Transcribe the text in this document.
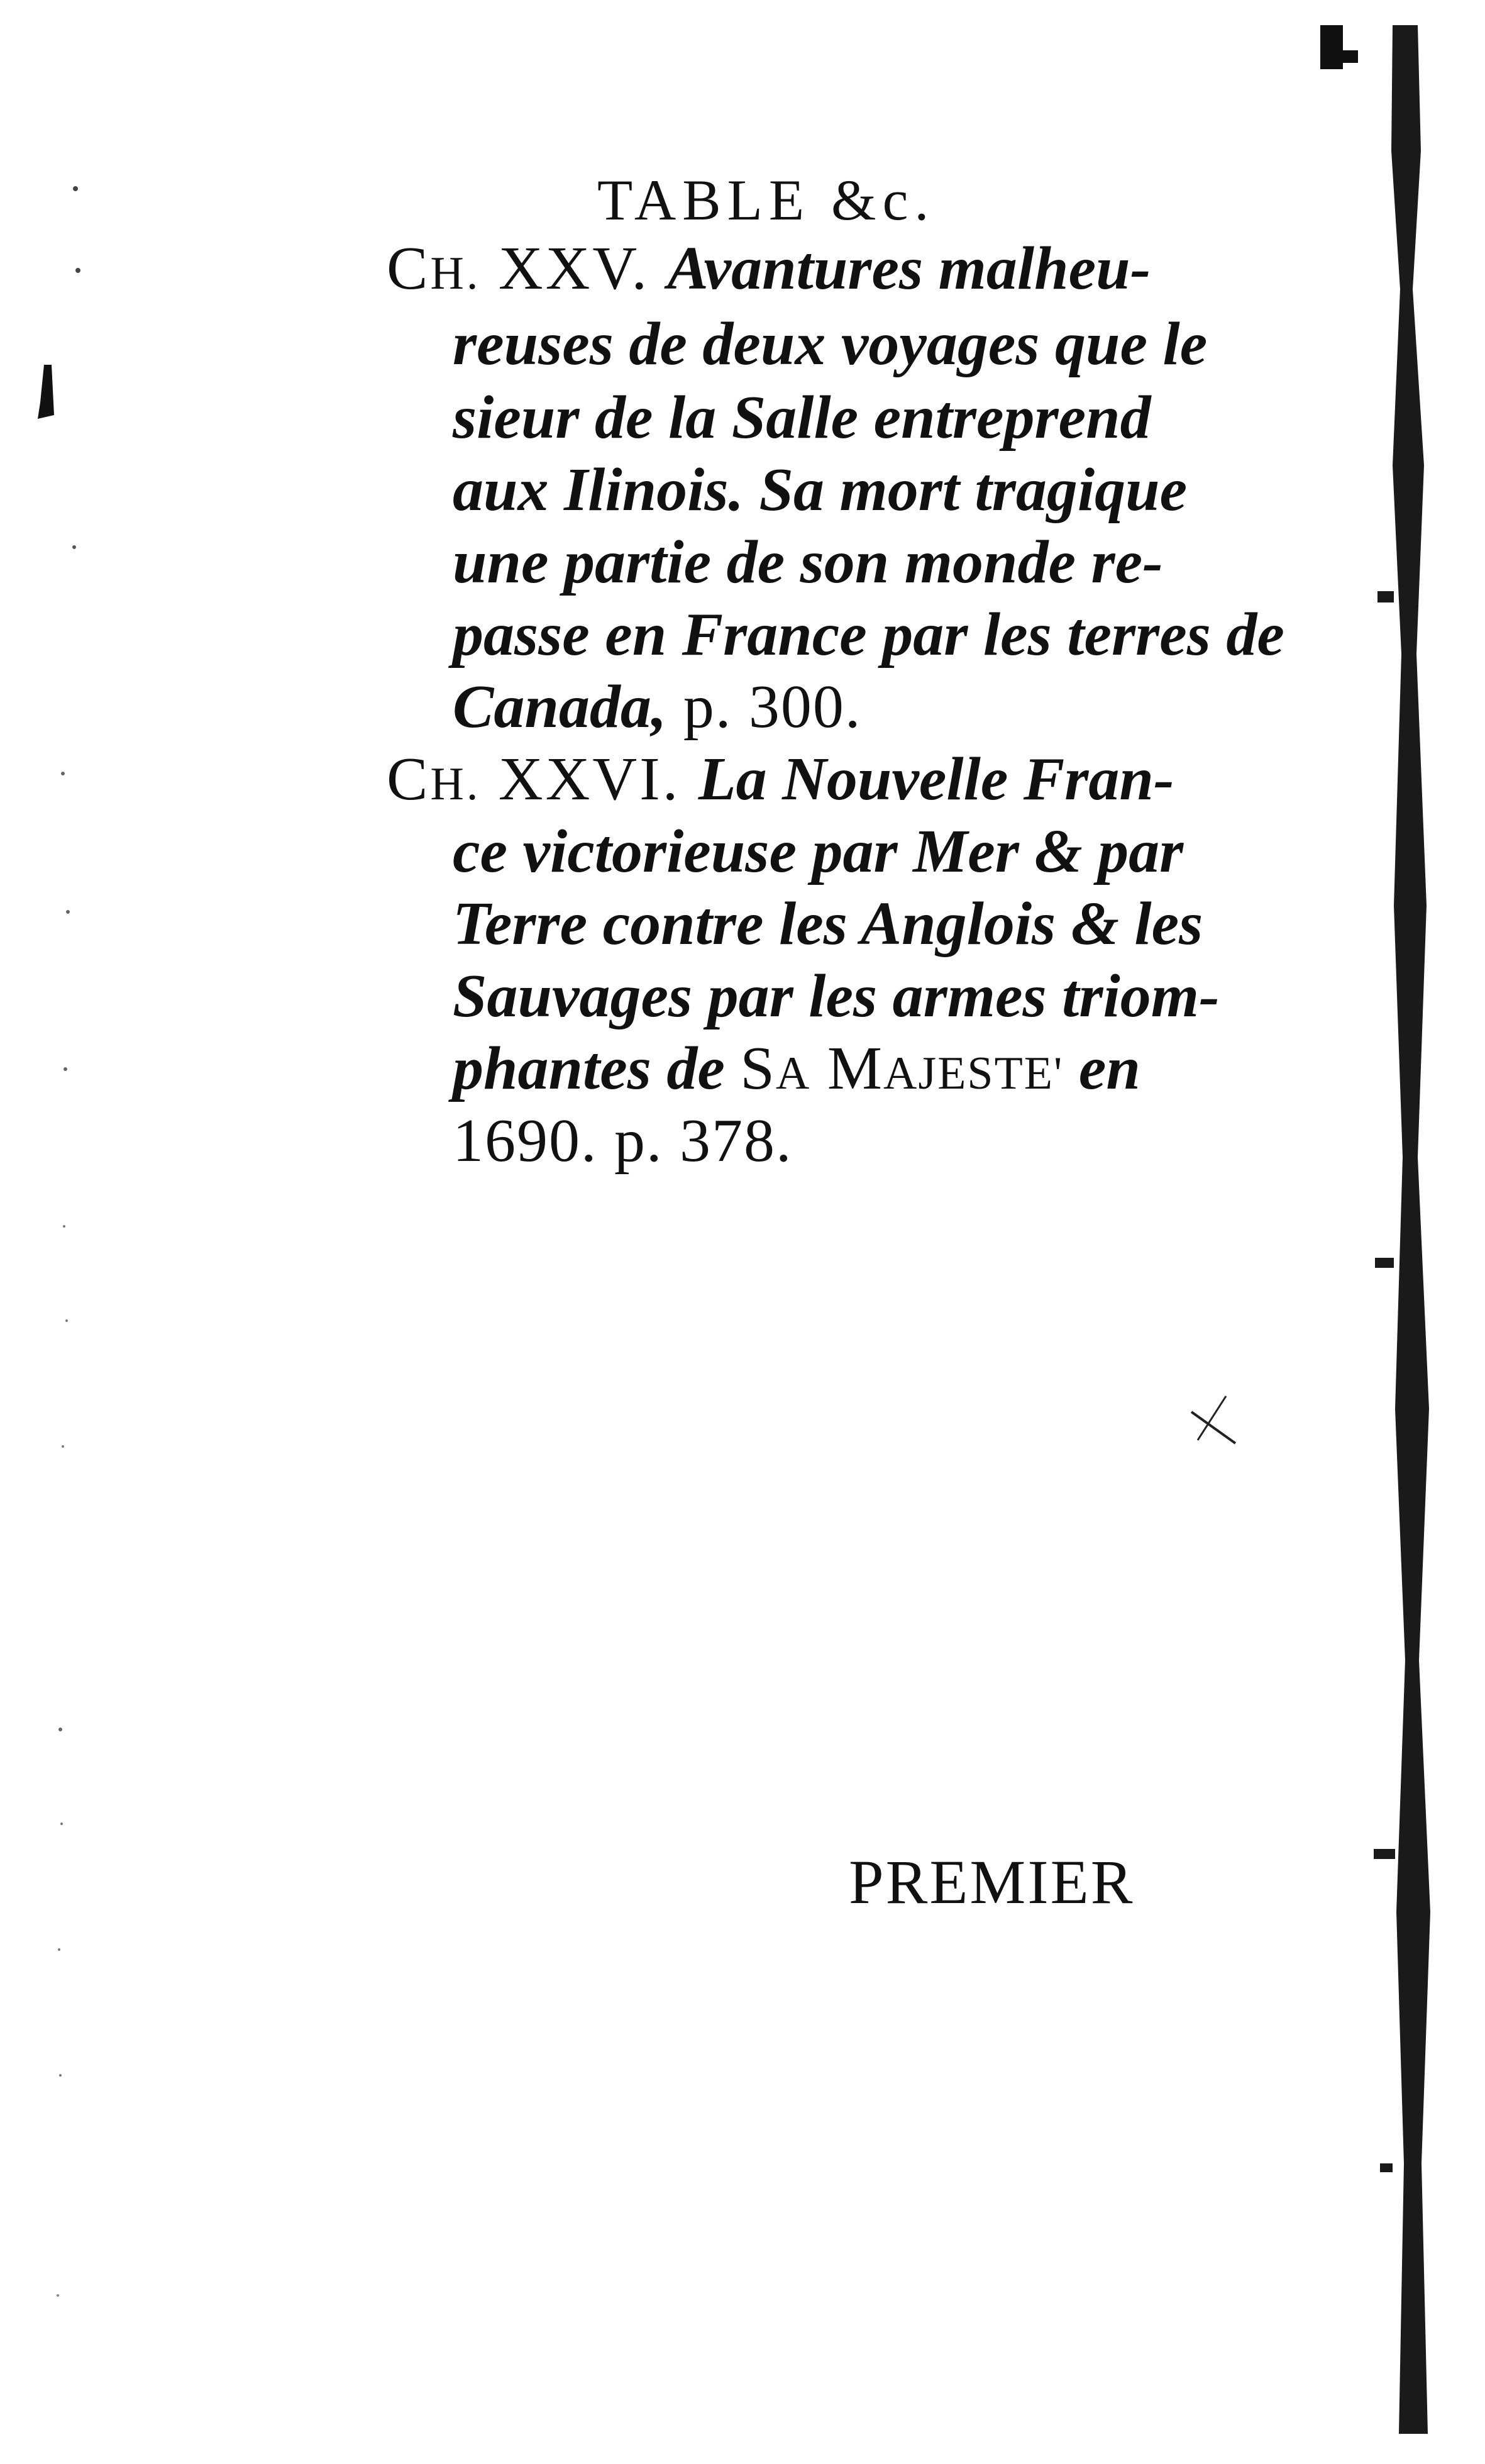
TABLE &c.
CH. XXV. Avantures malheu-
reuses de deux voyages que le
sieur de la Salle entreprend
aux Ilinois. Sa mort tragique
une partie de son monde re-
passe en France par les terres de
Canada, p. 300.
CH. XXVI. La Nouvelle Fran-
ce victorieuse par Mer & par
Terre contre les Anglois & les
Sauvages par les armes triom-
phantes de SA MAJESTE' en
1690. p. 378.

PREMIER
